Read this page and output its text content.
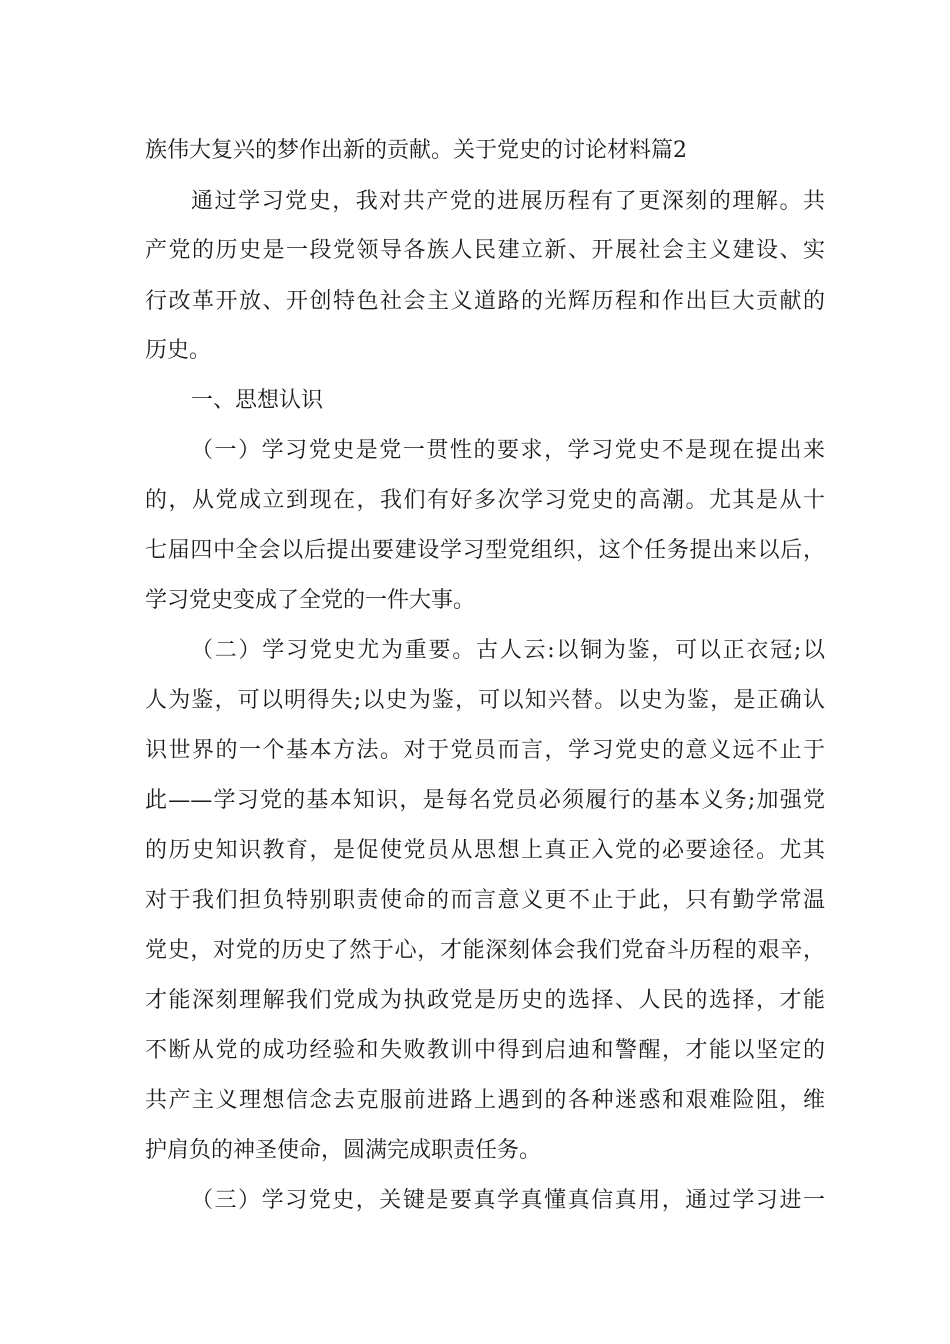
族伟大复兴的梦作出新的贡献。关于党史的讨论材料篇2
通过学习党史，我对共产党的进展历程有了更深刻的理解。共
产党的历史是一段党领导各族人民建立新、开展社会主义建设、实
行改革开放、开创特色社会主义道路的光辉历程和作出巨大贡献的
历史。
一、思想认识
（一）学习党史是党一贯性的要求，学习党史不是现在提出来
的，从党成立到现在，我们有好多次学习党史的高潮。尤其是从十
七届四中全会以后提出要建设学习型党组织，这个任务提出来以后，
学习党史变成了全党的一件大事。
（二）学习党史尤为重要。古人云:以铜为鉴，可以正衣冠;以
人为鉴，可以明得失;以史为鉴，可以知兴替。以史为鉴，是正确认
识世界的一个基本方法。对于党员而言，学习党史的意义远不止于
此——学习党的基本知识，是每名党员必须履行的基本义务;加强党
的历史知识教育，是促使党员从思想上真正入党的必要途径。尤其
对于我们担负特别职责使命的而言意义更不止于此，只有勤学常温
党史，对党的历史了然于心，才能深刻体会我们党奋斗历程的艰辛，
才能深刻理解我们党成为执政党是历史的选择、人民的选择，才能
不断从党的成功经验和失败教训中得到启迪和警醒，才能以坚定的
共产主义理想信念去克服前进路上遇到的各种迷惑和艰难险阻，维
护肩负的神圣使命，圆满完成职责任务。
（三）学习党史，关键是要真学真懂真信真用，通过学习进一
